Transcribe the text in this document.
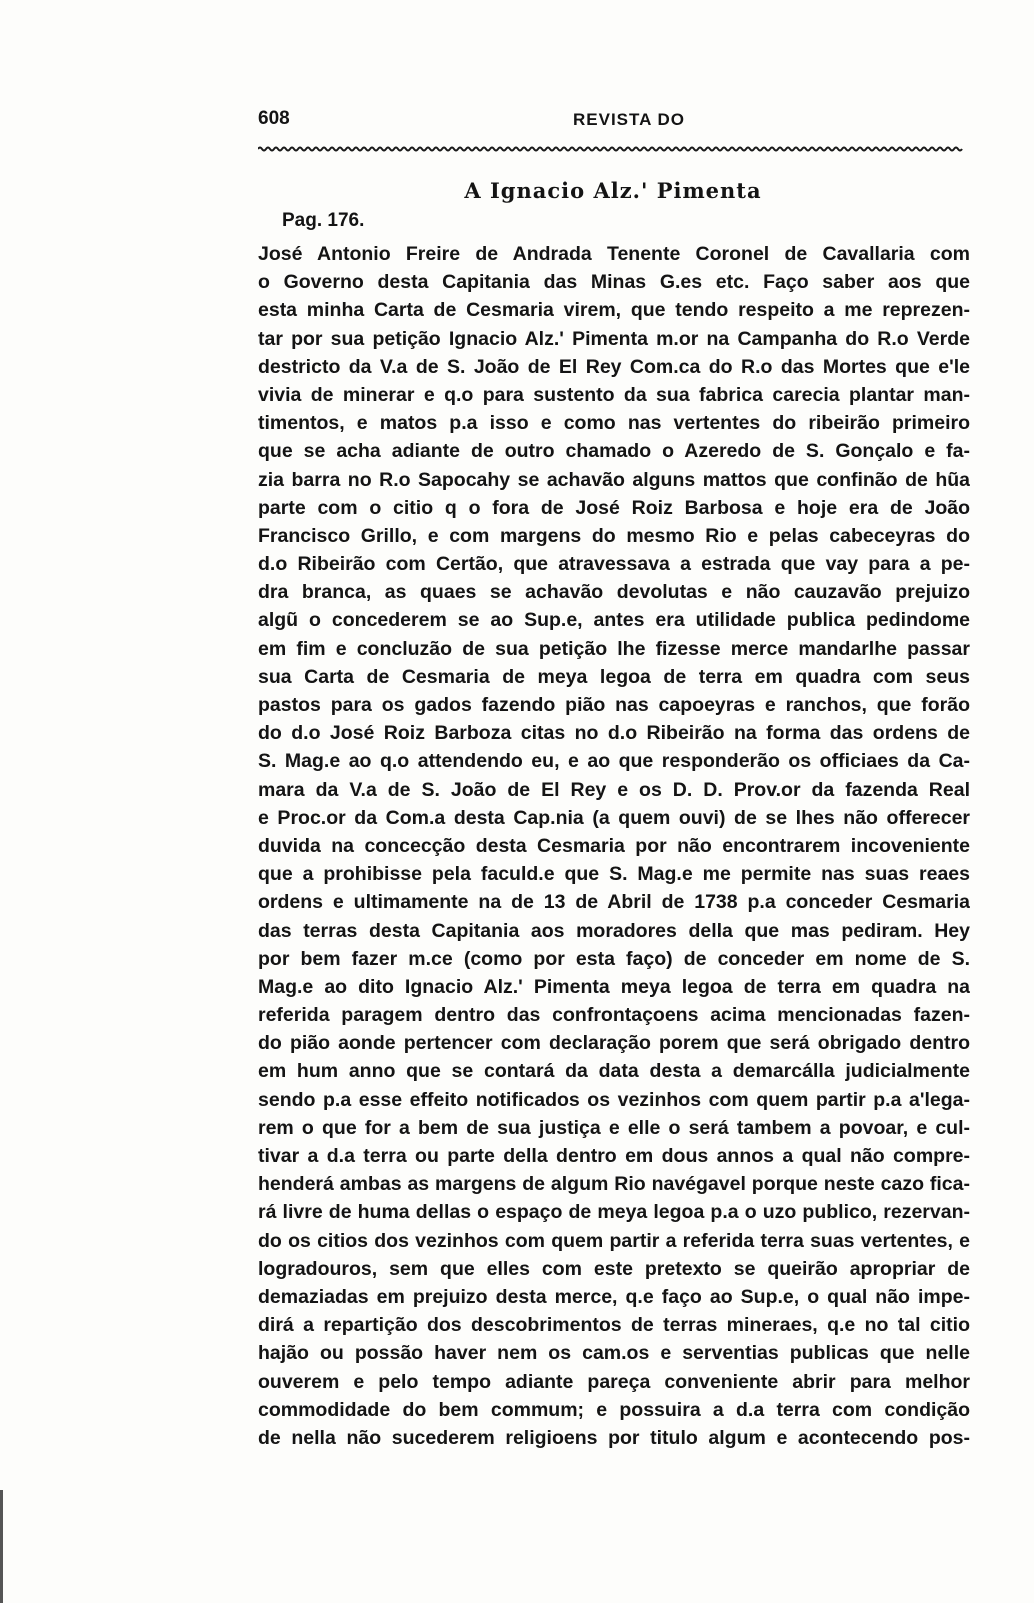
608	REVISTA DO
A Ignacio Alz.' Pimenta
Pag. 176.
José Antonio Freire de Andrada Tenente Coronel de Cavallaria com
o Governo desta Capitania das Minas G.es etc. Faço saber aos que
esta minha Carta de Cesmaria virem, que tendo respeito a me reprezen-
tar por sua petição Ignacio Alz.' Pimenta m.or na Campanha do R.o Verde
destricto da V.a de S. João de El Rey Com.ca do R.o das Mortes que e'le
vivia de minerar e q.o para sustento da sua fabrica carecia plantar man-
timentos, e matos p.a isso e como nas vertentes do ribeirão primeiro
que se acha adiante de outro chamado o Azeredo de S. Gonçalo e fa-
zia barra no R.o Sapocahy se achavão alguns mattos que confinão de hũa
parte com o citio q o fora de José Roiz Barbosa e hoje era de João
Francisco Grillo, e com margens do mesmo Rio e pelas cabeceyras do
d.o Ribeirão com Certão, que atravessava a estrada que vay para a pe-
dra branca, as quaes se achavão devolutas e não cauzavão prejuizo
algũ o concederem se ao Sup.e, antes era utilidade publica pedindome
em fim e concluzão de sua petição lhe fizesse merce mandarlhe passar
sua Carta de Cesmaria de meya legoa de terra em quadra com seus
pastos para os gados fazendo pião nas capoeyras e ranchos, que forão
do d.o José Roiz Barboza citas no d.o Ribeirão na forma das ordens de
S. Mag.e ao q.o attendendo eu, e ao que responderão os officiaes da Ca-
mara da V.a de S. João de El Rey e os D. D. Prov.or da fazenda Real
e Proc.or da Com.a desta Cap.nia (a quem ouvi) de se lhes não offerecer
duvida na concecção desta Cesmaria por não encontrarem incoveniente
que a prohibisse pela faculd.e que S. Mag.e me permite nas suas reaes
ordens e ultimamente na de 13 de Abril de 1738 p.a conceder Cesmaria
das terras desta Capitania aos moradores della que mas pediram. Hey
por bem fazer m.ce (como por esta faço) de conceder em nome de S.
Mag.e ao dito Ignacio Alz.' Pimenta meya legoa de terra em quadra na
referida paragem dentro das confrontaçoens acima mencionadas fazen-
do pião aonde pertencer com declaração porem que será obrigado dentro
em hum anno que se contará da data desta a demarcálla judicialmente
sendo p.a esse effeito notificados os vezinhos com quem partir p.a a'lega-
rem o que for a bem de sua justiça e elle o será tambem a povoar, e cul-
tivar a d.a terra ou parte della dentro em dous annos a qual não compre-
henderá ambas as margens de algum Rio navégavel porque neste cazo fica-
rá livre de huma dellas o espaço de meya legoa p.a o uzo publico, rezervan-
do os citios dos vezinhos com quem partir a referida terra suas vertentes, e
logradouros, sem que elles com este pretexto se queirão apropriar de
demaziadas em prejuizo desta merce, q.e faço ao Sup.e, o qual não impe-
dirá a repartição dos descobrimentos de terras mineraes, q.e no tal citio
hajão ou possão haver nem os cam.os e serventias publicas que nelle
ouverem e pelo tempo adiante pareça conveniente abrir para melhor
commodidade do bem commum; e possuira a d.a terra com condição
de nella não sucederem religioens por titulo algum e acontecendo pos-
